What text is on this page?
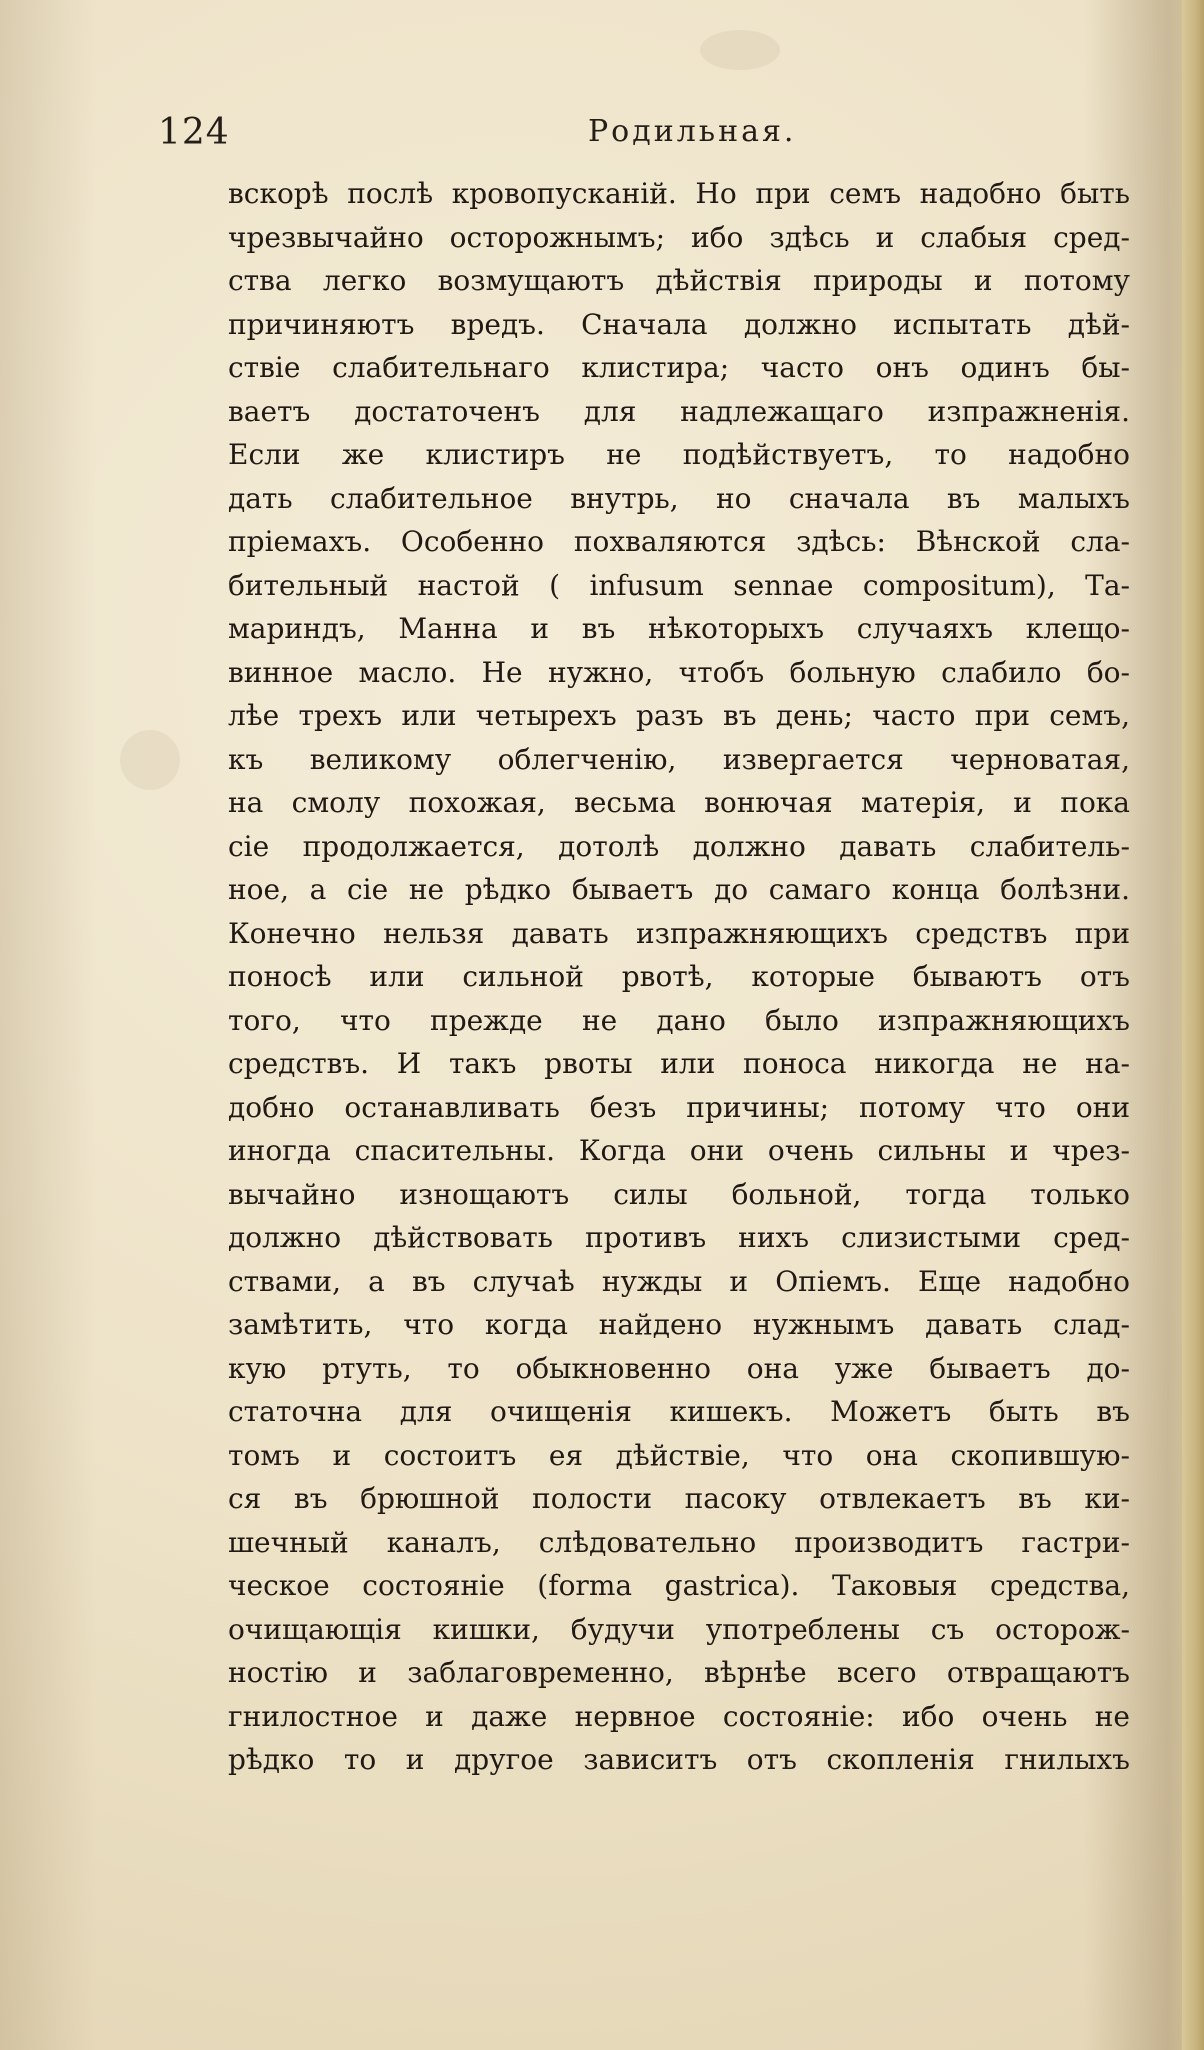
124	Родильная.
вскорѣ послѣ кровопусканій. Но при семъ надобно быть
чрезвычайно осторожнымъ; ибо здѣсь и слабыя сред-
ства легко возмущаютъ дѣйствія природы и потому
причиняютъ вредъ. Сначала должно испытать дѣй-
ствіе слабительнаго клистира; часто онъ одинъ бы-
ваетъ достаточенъ для надлежащаго изпражненія.
Если же клистиръ не подѣйствуетъ, то надобно
дать слабительное внутрь, но сначала въ малыхъ
пріемахъ. Особенно похваляются здѣсь: Вѣнской сла-
бительный настой ( infusum sennae compositum), Та-
мариндъ, Манна и въ нѣкоторыхъ случаяхъ клещо-
винное масло. Не нужно, чтобъ больную слабило бо-
лѣе трехъ или четырехъ разъ въ день; часто при семъ,
къ великому облегченію, извергается черноватая,
на смолу похожая, весьма вонючая матерія, и пока
сіе продолжается, дотолѣ должно давать слабитель-
ное, а сіе не рѣдко бываетъ до самаго конца болѣзни.
Конечно нельзя давать изпражняющихъ средствъ при
поносѣ или сильной рвотѣ, которые бываютъ отъ
того, что прежде не дано было изпражняющихъ
средствъ. И такъ рвоты или поноса никогда не на-
добно останавливать безъ причины; потому что они
иногда спасительны. Когда они очень сильны и чрез-
вычайно изнощаютъ силы больной, тогда только
должно дѣйствовать противъ нихъ слизистыми сред-
ствами, а въ случаѣ нужды и Опіемъ. Еще надобно
замѣтить, что когда найдено нужнымъ давать слад-
кую ртуть, то обыкновенно она уже бываетъ до-
статочна для очищенія кишекъ. Можетъ быть въ
томъ и состоитъ ея дѣйствіе, что она скопившую-
ся въ брюшной полости пасоку отвлекаетъ въ ки-
шечный каналъ, слѣдовательно производитъ гастри-
ческое состояніе (forma gastrica). Таковыя средства,
очищающія кишки, будучи употреблены съ осторож-
ностію и заблаговременно, вѣрнѣе всего отвращаютъ
гнилостное и даже нервное состояніе: ибо очень не
рѣдко то и другое зависитъ отъ скопленія гнилыхъ
